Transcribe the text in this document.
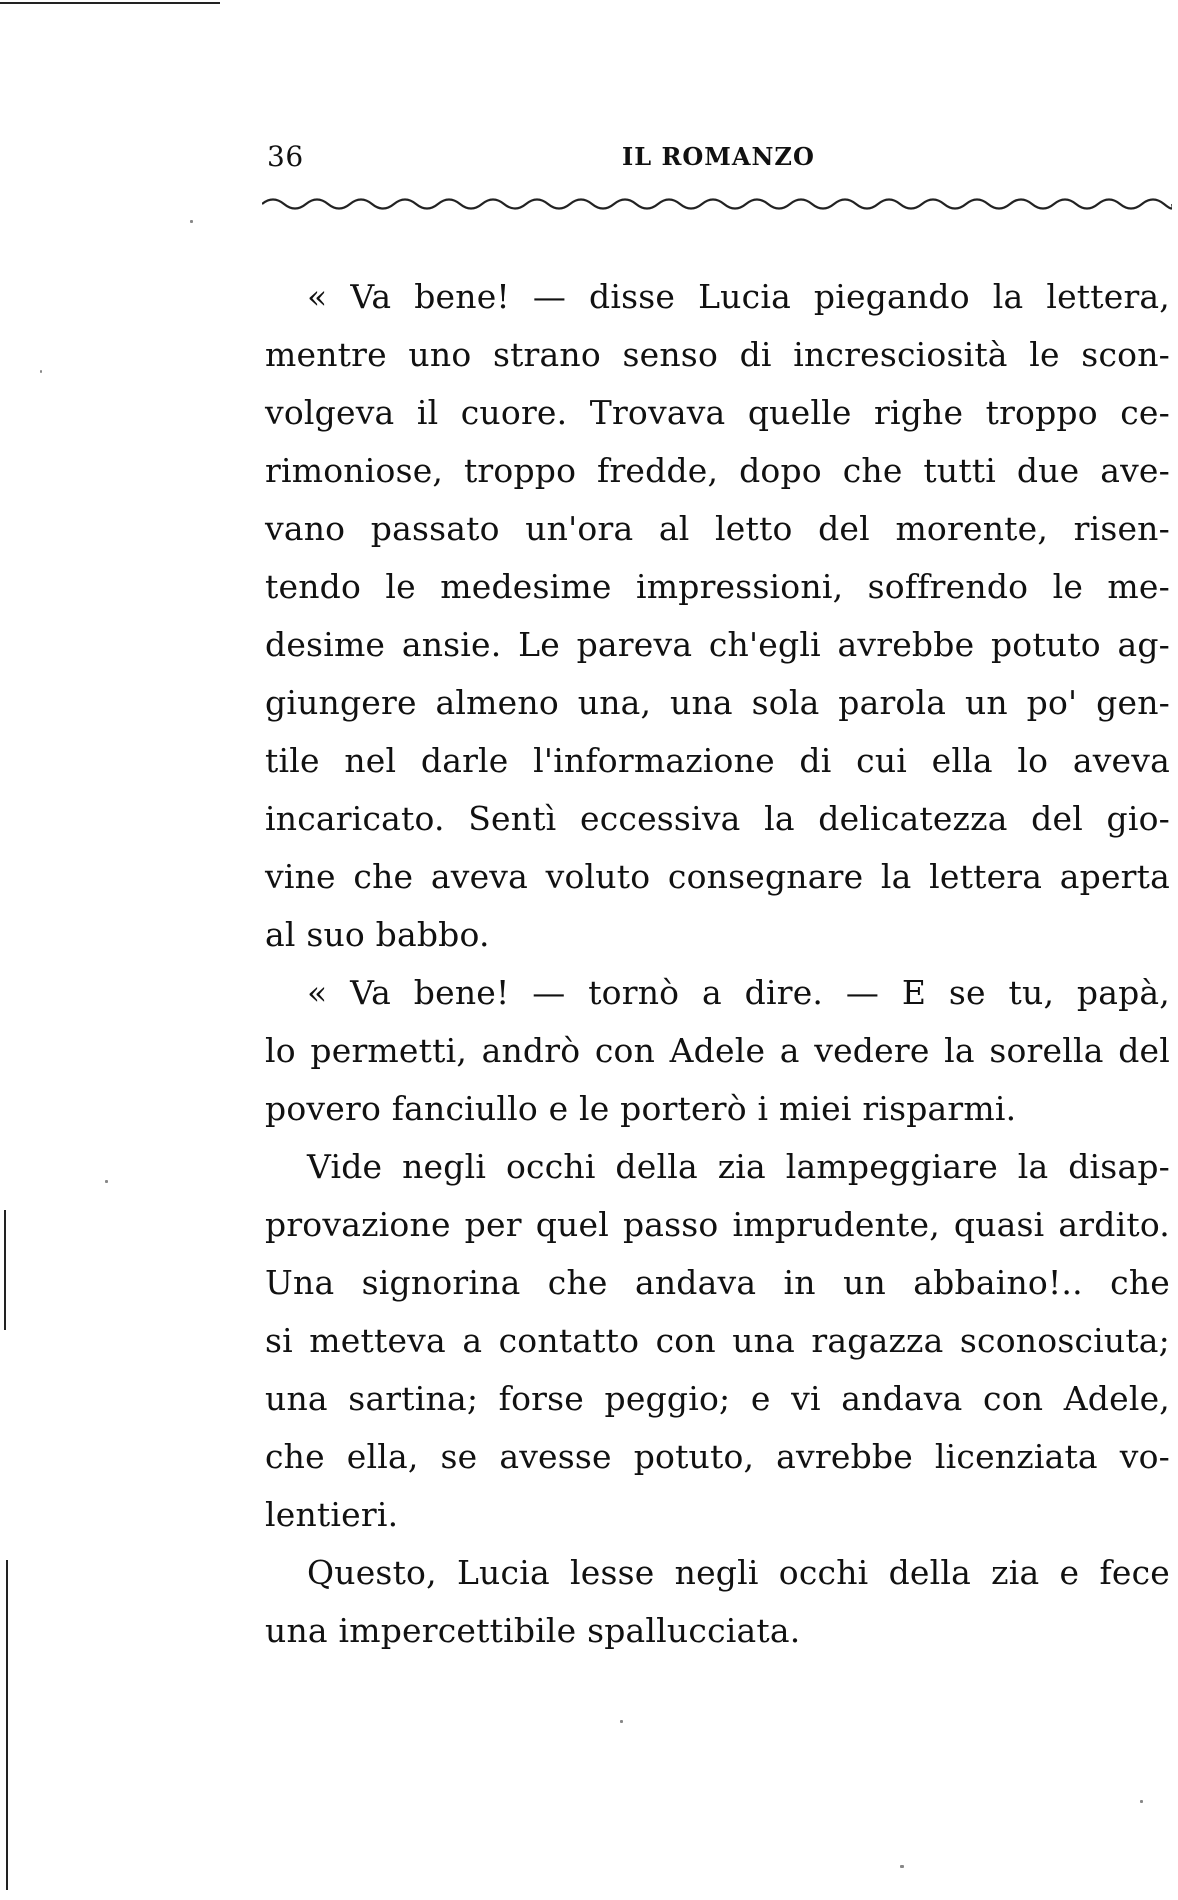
36	IL ROMANZO
« Va bene! — disse Lucia piegando la lettera,
mentre uno strano senso di incresciosità le scon-
volgeva il cuore. Trovava quelle righe troppo ce-
rimoniose, troppo fredde, dopo che tutti due ave-
vano passato un'ora al letto del morente, risen-
tendo le medesime impressioni, soffrendo le me-
desime ansie. Le pareva ch'egli avrebbe potuto ag-
giungere almeno una, una sola parola un po' gen-
tile nel darle l'informazione di cui ella lo aveva
incaricato. Sentì eccessiva la delicatezza del gio-
vine che aveva voluto consegnare la lettera aperta
al suo babbo.
« Va bene! — tornò a dire. — E se tu, papà,
lo permetti, andrò con Adele a vedere la sorella del
povero fanciullo e le porterò i miei risparmi.
Vide negli occhi della zia lampeggiare la disap-
provazione per quel passo imprudente, quasi ardito.
Una signorina che andava in un abbaino!.. che
si metteva a contatto con una ragazza sconosciuta;
una sartina; forse peggio; e vi andava con Adele,
che ella, se avesse potuto, avrebbe licenziata vo-
lentieri.
Questo, Lucia lesse negli occhi della zia e fece
una impercettibile spallucciata.
